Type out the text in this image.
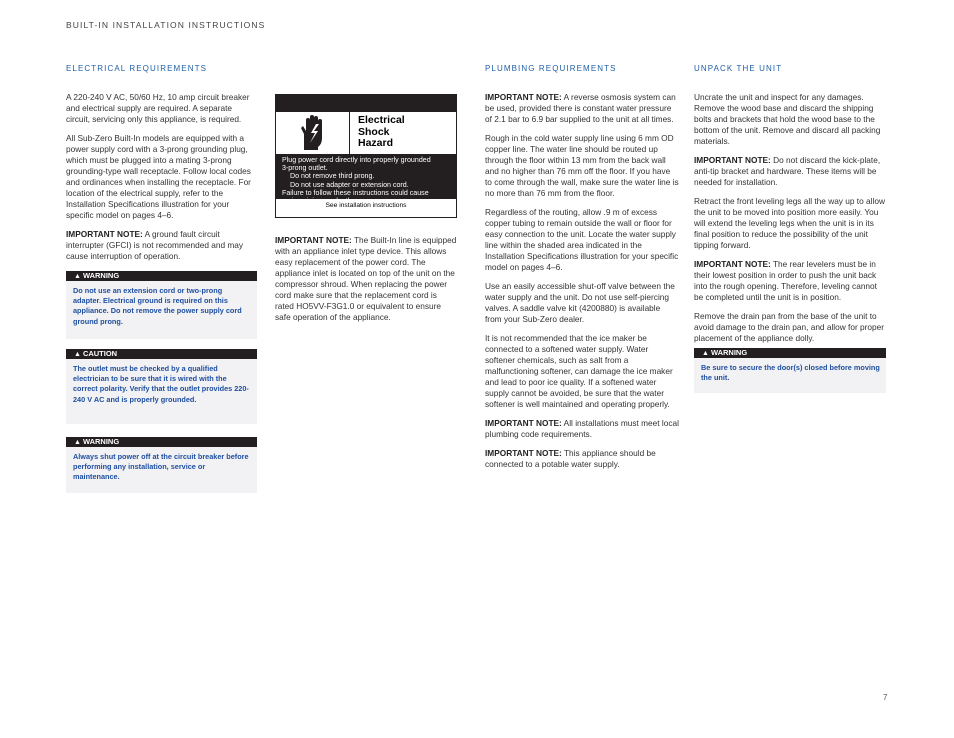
BUILT-IN INSTALLATION INSTRUCTIONS
ELECTRICAL REQUIREMENTS

A 220-240 V AC, 50/60 Hz, 10 amp circuit breaker and electrical supply are required. A separate circuit, servicing only this appliance, is required.

All Sub-Zero Built-In models are equipped with a power supply cord with a 3-prong grounding plug, which must be plugged into a mating 3-prong grounding-type wall receptacle. Follow local codes and ordinances when installing the receptacle. For location of the electrical supply, refer to the Installation Specifications illustration for your specific model on pages 4–6.

IMPORTANT NOTE: A ground fault circuit interrupter (GFCI) is not recommended and may cause interruption of operation.

▲ WARNING
Do not use an extension cord or two-prong adapter. Electrical ground is required on this appliance. Do not remove the power supply cord ground prong.
▲ CAUTION
The outlet must be checked by a qualified electrician to be sure that it is wired with the correct polarity. Verify that the outlet provides 220-240 V AC and is properly grounded.
▲ WARNING
Always shut power off at the circuit breaker before performing any installation, service or maintenance.
Electrical
Shock
Hazard
Plug power cord directly into properly grounded
3-prong outlet.
Do not remove third prong.
Do not use adapter or extension cord.
Failure to follow these instructions could cause
serious injury or death.
See installation instructions

IMPORTANT NOTE: The Built-In line is equipped with an appliance inlet type device. This allows easy replacement of the power cord. The appliance inlet is located on top of the unit on the compressor shroud. When replacing the power cord make sure that the replacement cord is rated HO5VV-F3G1.0 or equivalent to ensure safe operation of the appliance.

PLUMBING REQUIREMENTS

IMPORTANT NOTE: A reverse osmosis system can be used, provided there is constant water pressure of 2.1 bar to 6.9 bar supplied to the unit at all times.

Rough in the cold water supply line using 6 mm OD copper line. The water line should be routed up through the floor within 13 mm from the back wall and no higher than 76 mm off the floor. If you have to come through the wall, make sure the water line is no more than 76 mm from the floor.

Regardless of the routing, allow .9 m of excess copper tubing to remain outside the wall or floor for easy connection to the unit. Locate the water supply line within the shaded area indicated in the Installation Specifications illustration for your specific model on pages 4–6.

Use an easily accessible shut-off valve between the water supply and the unit. Do not use self-piercing valves. A saddle valve kit (4200880) is available from your Sub-Zero dealer.

It is not recommended that the ice maker be connected to a softened water supply. Water softener chemicals, such as salt from a malfunctioning softener, can damage the ice maker and lead to poor ice quality. If a softened water supply cannot be avoided, be sure that the water softener is well maintained and operating properly.

IMPORTANT NOTE: All installations must meet local plumbing code requirements.

IMPORTANT NOTE: This appliance should be connected to a potable water supply.

UNPACK THE UNIT

Uncrate the unit and inspect for any damages. Remove the wood base and discard the shipping bolts and brackets that hold the wood base to the bottom of the unit. Remove and discard all packing materials.

IMPORTANT NOTE: Do not discard the kick-plate, anti-tip bracket and hardware. These items will be needed for installation.

Retract the front leveling legs all the way up to allow the unit to be moved into position more easily. You will extend the leveling legs when the unit is in its final position to reduce the possibility of the unit tipping forward.

IMPORTANT NOTE: The rear levelers must be in their lowest position in order to push the unit back into the rough opening. Therefore, leveling cannot be completed until the unit is in position.

Remove the drain pan from the base of the unit to avoid damage to the drain pan, and allow for proper placement of the appliance dolly.

▲ WARNING
Be sure to secure the door(s) closed before moving the unit.
7
